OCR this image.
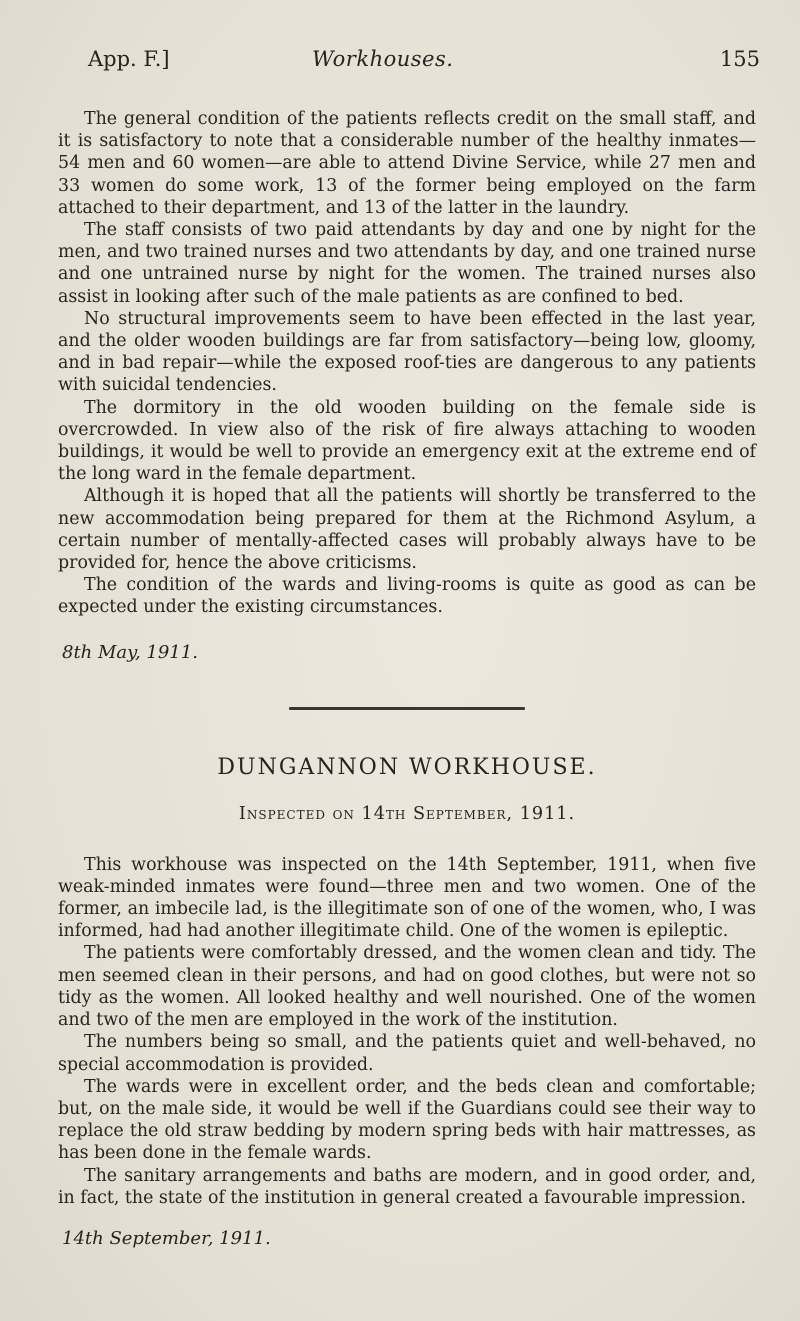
App. F.]	Workhouses.	155

The general condition of the patients reflects credit on the small staff, and it is satisfactory to note that a considerable number of the healthy inmates—54 men and 60 women—are able to attend Divine Service, while 27 men and 33 women do some work, 13 of the former being employed on the farm attached to their department, and 13 of the latter in the laundry.

The staff consists of two paid attendants by day and one by night for the men, and two trained nurses and two attendants by day, and one trained nurse and one untrained nurse by night for the women. The trained nurses also assist in looking after such of the male patients as are confined to bed.

No structural improvements seem to have been effected in the last year, and the older wooden buildings are far from satisfactory—being low, gloomy, and in bad repair—while the exposed roof-ties are dangerous to any patients with suicidal tendencies.

The dormitory in the old wooden building on the female side is overcrowded. In view also of the risk of fire always attaching to wooden buildings, it would be well to provide an emergency exit at the extreme end of the long ward in the female department.

Although it is hoped that all the patients will shortly be transferred to the new accommodation being prepared for them at the Richmond Asylum, a certain number of mentally-affected cases will probably always have to be provided for, hence the above criticisms.

The condition of the wards and living-rooms is quite as good as can be expected under the existing circumstances.

8th May, 1911.
DUNGANNON WORKHOUSE.
Inspected on 14th September, 1911.

This workhouse was inspected on the 14th September, 1911, when five weak-minded inmates were found—three men and two women. One of the former, an imbecile lad, is the illegitimate son of one of the women, who, I was informed, had had another illegitimate child. One of the women is epileptic.

The patients were comfortably dressed, and the women clean and tidy. The men seemed clean in their persons, and had on good clothes, but were not so tidy as the women. All looked healthy and well nourished. One of the women and two of the men are employed in the work of the institution.

The numbers being so small, and the patients quiet and well-behaved, no special accommodation is provided.

The wards were in excellent order, and the beds clean and comfortable; but, on the male side, it would be well if the Guardians could see their way to replace the old straw bedding by modern spring beds with hair mattresses, as has been done in the female wards.

The sanitary arrangements and baths are modern, and in good order, and, in fact, the state of the institution in general created a favourable impression.

14th September, 1911.
